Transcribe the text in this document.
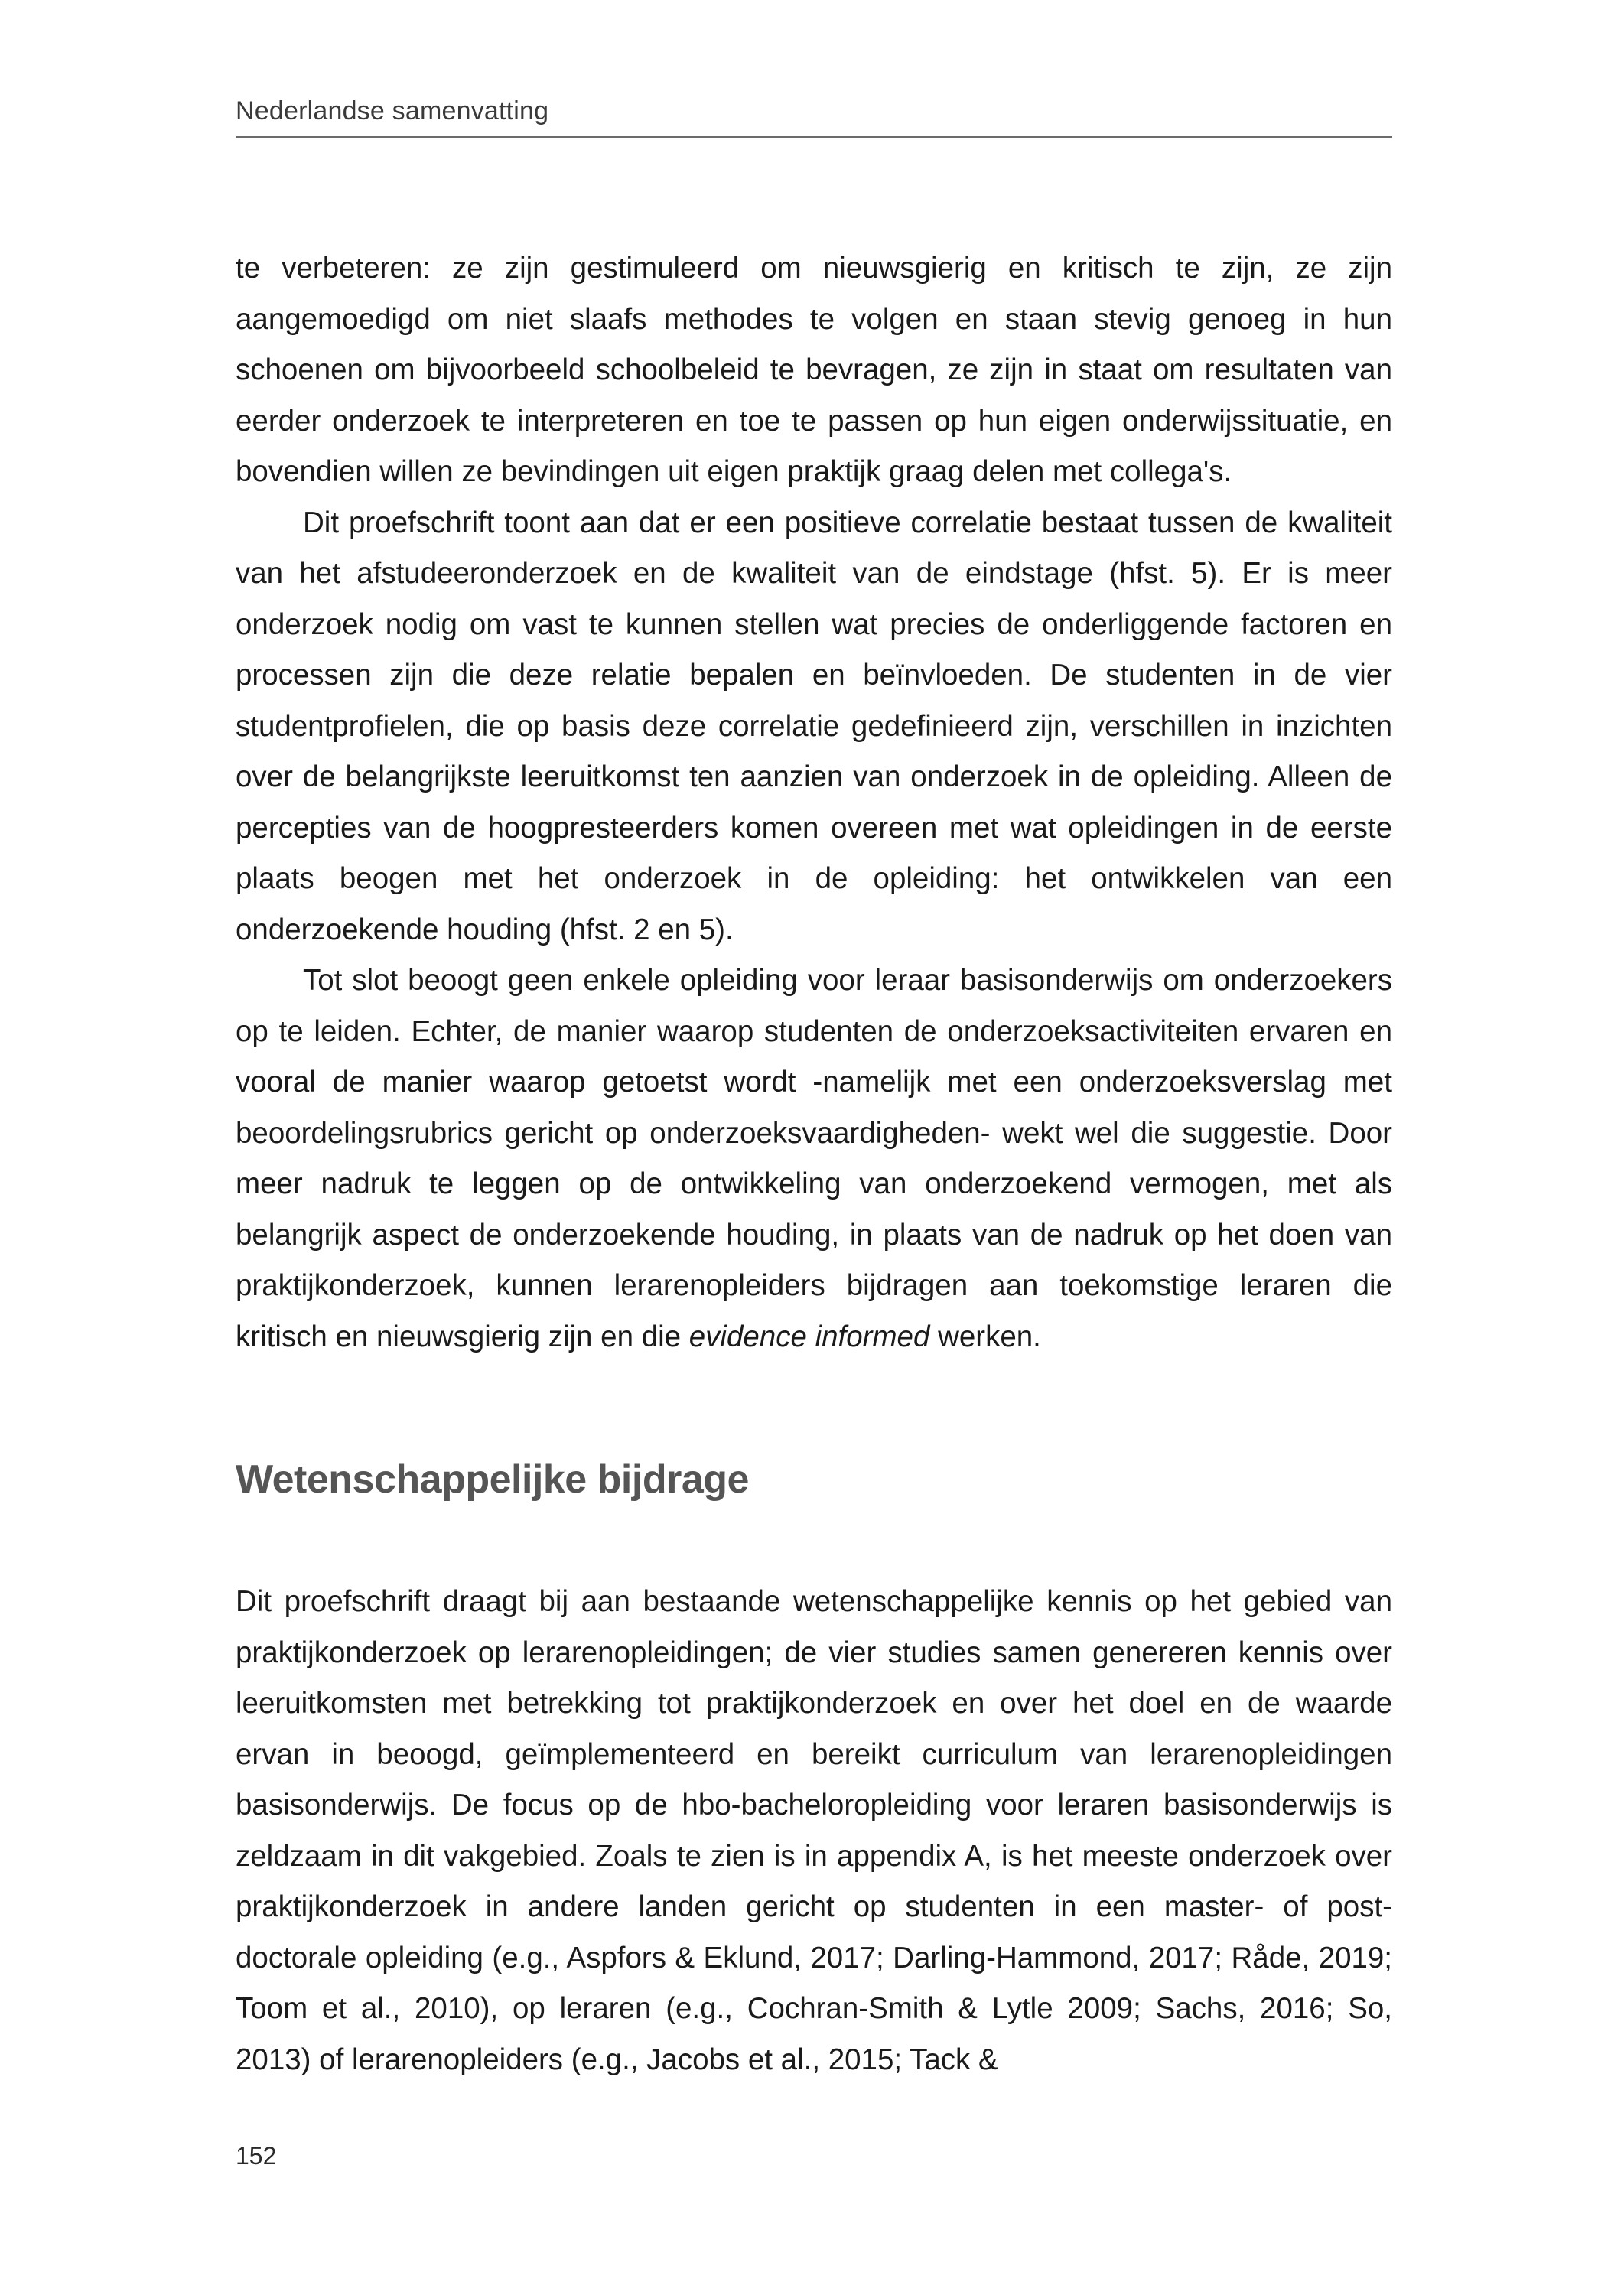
Nederlandse samenvatting

te verbeteren: ze zijn gestimuleerd om nieuwsgierig en kritisch te zijn, ze zijn aangemoedigd om niet slaafs methodes te volgen en staan stevig genoeg in hun schoenen om bijvoorbeeld schoolbeleid te bevragen, ze zijn in staat om resultaten van eerder onderzoek te interpreteren en toe te passen op hun eigen onderwijssituatie, en bovendien willen ze bevindingen uit eigen praktijk graag delen met collega's.

Dit proefschrift toont aan dat er een positieve correlatie bestaat tussen de kwaliteit van het afstudeeronderzoek en de kwaliteit van de eindstage (hfst. 5). Er is meer onderzoek nodig om vast te kunnen stellen wat precies de onderliggende factoren en processen zijn die deze relatie bepalen en beïnvloeden. De studenten in de vier studentprofielen, die op basis deze correlatie gedefinieerd zijn, verschillen in inzichten over de belangrijkste leeruitkomst ten aanzien van onderzoek in de opleiding. Alleen de percepties van de hoogpresteerders komen overeen met wat opleidingen in de eerste plaats beogen met het onderzoek in de opleiding: het ontwikkelen van een onderzoekende houding (hfst. 2 en 5).

Tot slot beoogt geen enkele opleiding voor leraar basisonderwijs om onderzoekers op te leiden. Echter, de manier waarop studenten de onderzoeksactiviteiten ervaren en vooral de manier waarop getoetst wordt -namelijk met een onderzoeksverslag met beoordelingsrubrics gericht op onderzoeksvaardigheden- wekt wel die suggestie. Door meer nadruk te leggen op de ontwikkeling van onderzoekend vermogen, met als belangrijk aspect de onderzoekende houding, in plaats van de nadruk op het doen van praktijkonderzoek, kunnen lerarenopleiders bijdragen aan toekomstige leraren die kritisch en nieuwsgierig zijn en die evidence informed werken.

Wetenschappelijke bijdrage

Dit proefschrift draagt bij aan bestaande wetenschappelijke kennis op het gebied van praktijkonderzoek op lerarenopleidingen; de vier studies samen genereren kennis over leeruitkomsten met betrekking tot praktijkonderzoek en over het doel en de waarde ervan in beoogd, geïmplementeerd en bereikt curriculum van lerarenopleidingen basisonderwijs. De focus op de hbo-bacheloropleiding voor leraren basisonderwijs is zeldzaam in dit vakgebied. Zoals te zien is in appendix A, is het meeste onderzoek over praktijkonderzoek in andere landen gericht op studenten in een master- of post-doctorale opleiding (e.g., Aspfors & Eklund, 2017; Darling-Hammond, 2017; Råde, 2019; Toom et al., 2010), op leraren (e.g., Cochran-Smith & Lytle 2009; Sachs, 2016; So, 2013) of lerarenopleiders (e.g., Jacobs et al., 2015; Tack &

152
